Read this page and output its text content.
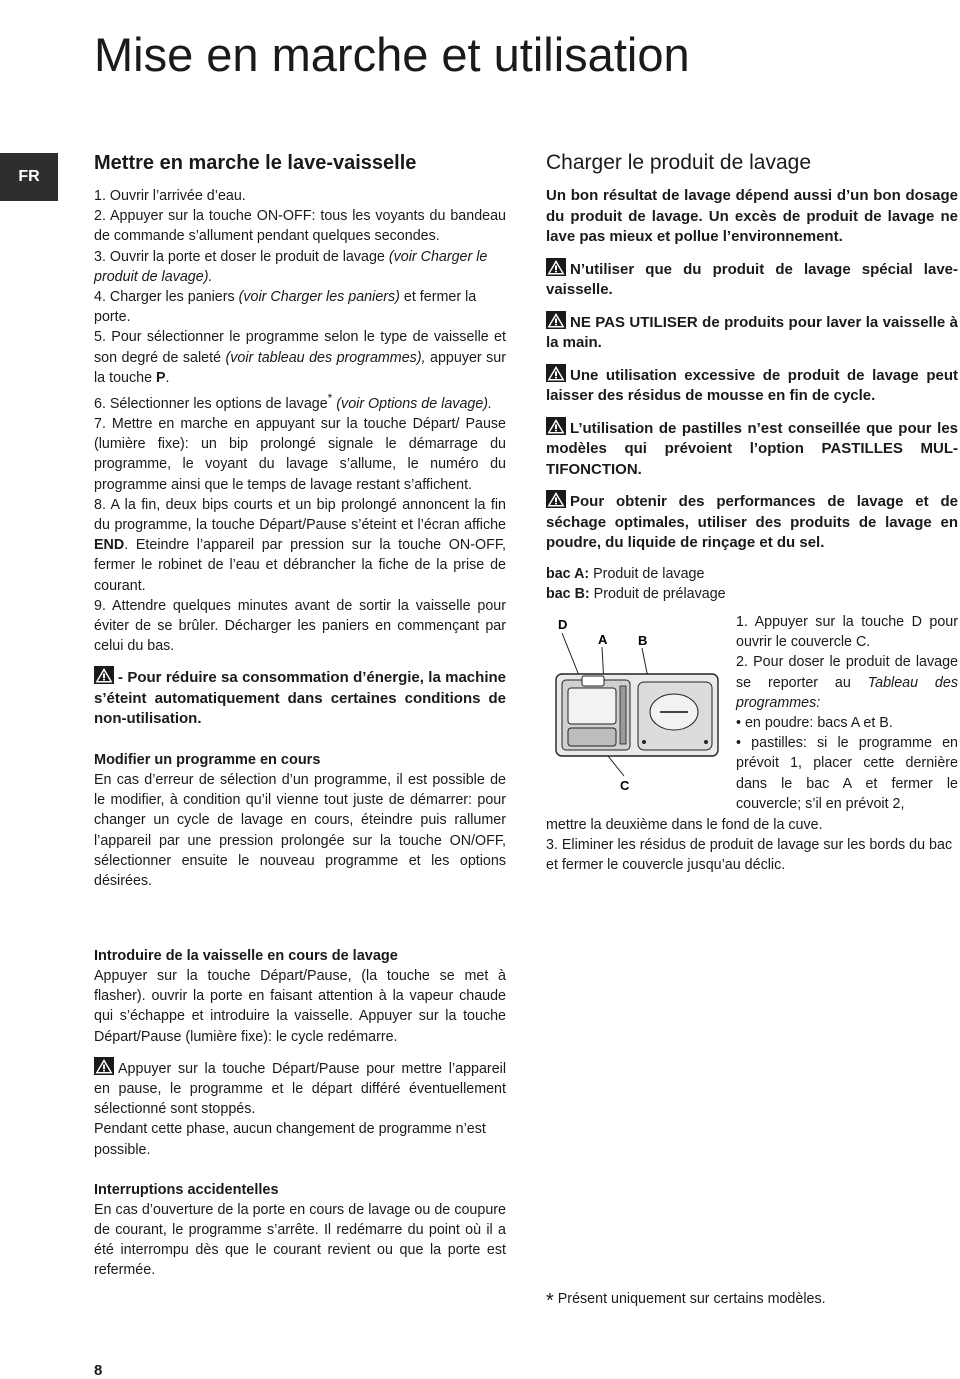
Mise en marche et utilisation
FR
Mettre en marche le lave-vaisselle

1. Ouvrir l’arrivée d’eau.

2. Appuyer sur la touche ON-OFF: tous les voyants du bandeau de commande s’allument pendant quelques secondes.

3. Ouvrir la porte et doser le produit de lavage (voir Charger le produit de lavage).

4. Charger les paniers (voir Charger les paniers) et fermer la porte.

5. Pour sélectionner le programme selon le type de vaisselle et son degré de saleté (voir tableau des programmes), appuyer sur la touche P.

6. Sélectionner les options de lavage* (voir Options de lavage).

7. Mettre en marche en appuyant sur la touche Départ/ Pause (lumière fixe): un bip prolongé signale le démarrage du programme, le voyant du lavage s’allume, le numéro du programme ainsi que le temps de lavage restant s’affichent.

8. A la fin, deux bips courts et un bip prolongé annoncent la fin du programme, la touche Départ/Pause s’éteint et l’écran affiche END. Eteindre l’appareil par pression sur la touche ON-OFF, fermer le robinet de l’eau et débrancher la fiche de la prise de courant.

9. Attendre quelques minutes avant de sortir la vaisselle pour éviter de se brûler. Décharger les paniers en commençant par celui du bas.

- Pour réduire sa consommation d’énergie, la machine s’éteint automatiquement dans certaines conditions de non-utilisation.

Modifier un programme en cours

En cas d’erreur de sélection d’un programme, il est possible de le modifier, à condition qu’il vienne tout juste de démarrer: pour changer un cycle de lavage en cours, éteindre puis rallumer l’appareil par une pression prolongée sur la touche ON/OFF, sélectionner ensuite le nouveau programme et les options désirées.

Introduire de la vaisselle en cours de lavage

Appuyer sur la touche Départ/Pause, (la touche se met à flasher). ouvrir la porte en faisant attention à la vapeur chaude qui s’échappe et introduire la vaisselle. Appuyer sur la touche Départ/Pause (lumière fixe): le cycle redémarre.

Appuyer sur la touche Départ/Pause pour mettre l’appareil en pause, le programme et le départ différé éventuellement sélectionné sont stoppés.

Pendant cette phase, aucun changement de programme n’est possible.

Interruptions accidentelles

En cas d’ouverture de la porte en cours de lavage ou de coupure de courant, le programme s’arrête. Il redémarre du point où il a été interrompu dès que le courant revient ou que la porte est refermée.

Charger le produit de lavage

Un bon résultat de lavage dépend aussi d’un bon dosage du produit de lavage. Un excès de produit de lavage ne lave pas mieux et pollue l’environnement.

N’utiliser que du produit de lavage spécial lave-vaisselle.

NE PAS UTILISER de produits pour laver la vaisselle à la main.

Une utilisation excessive de produit de lavage peut laisser des résidus de mousse en fin de cycle.

L’utilisation de pastilles n’est conseillée que pour les modèles qui prévoient l’option PASTILLES MUL-TIFONCTION.

Pour obtenir des performances de lavage et de séchage optimales, utiliser des produits de lavage en poudre, du liquide de rinçage et du sel.

bac A: Produit de lavage

bac B: Produit de prélavage

D
A B
C

1. Appuyer sur la touche D pour ouvrir le couvercle C.

2. Pour doser le produit de lavage se reporter au Tableau des programmes:

• en poudre: bacs A et B.

• pastilles: si le programme en prévoit 1, placer cette dernière dans le bac A et fermer le couvercle; s’il en prévoit 2,

mettre la deuxième dans le fond de la cuve.

3. Eliminer les résidus de produit de lavage sur les bords du bac et fermer le couvercle jusqu’au déclic.

* Présent uniquement sur certains modèles.
8
